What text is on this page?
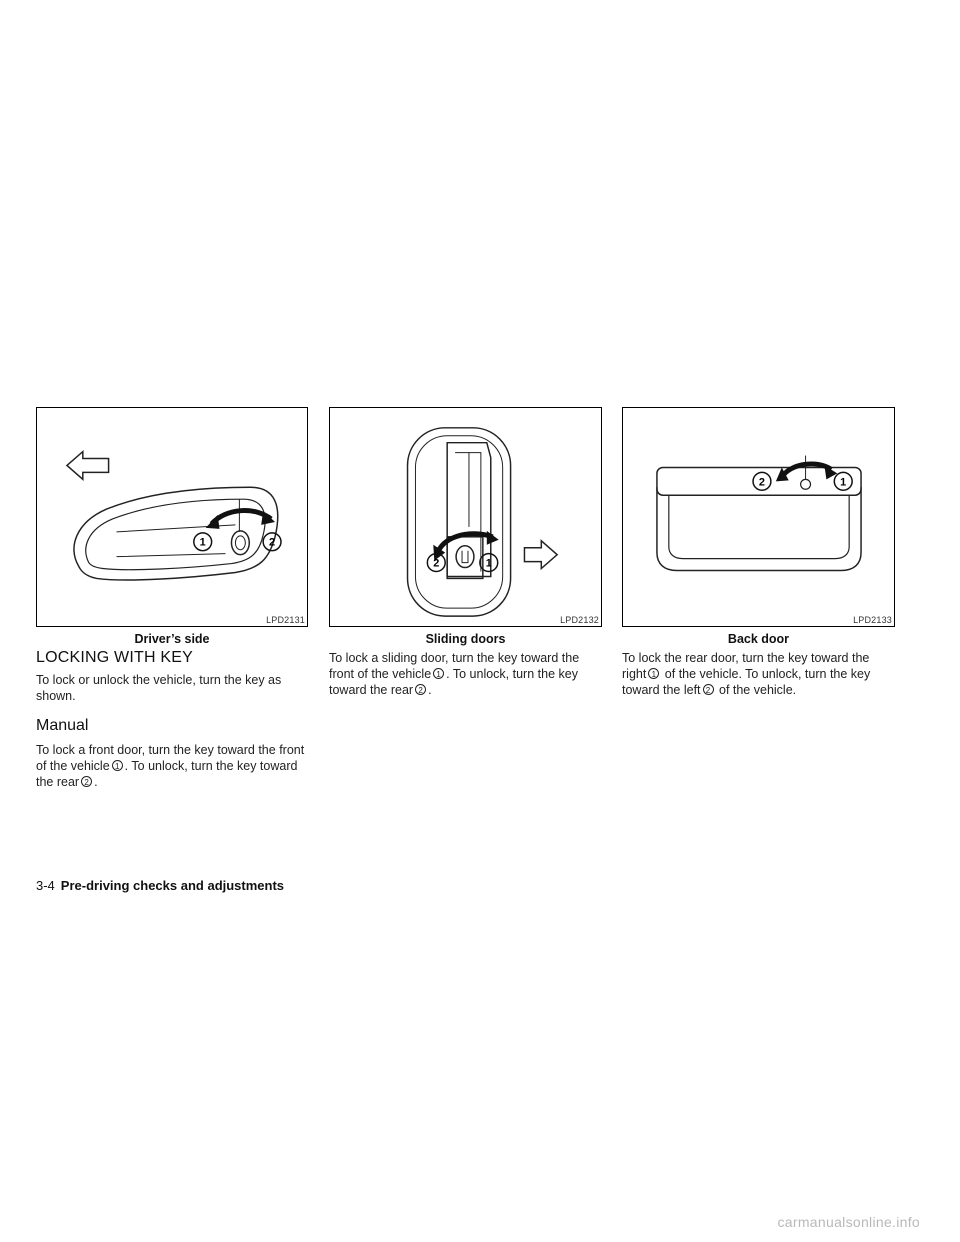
1	2
LPD2131
Driver’s side
2	1
LPD2132
Sliding doors
2	1
LPD2133
Back door
LOCKING WITH KEY

To lock or unlock the vehicle, turn the key as shown.

Manual

To lock a front door, turn the key toward the front of the vehicle 1 . To unlock, turn the key toward the rear 2 .

To lock a sliding door, turn the key toward the front of the vehicle 1 . To unlock, turn the key toward the rear 2 .

To lock the rear door, turn the key toward the right 1 of the vehicle. To unlock, turn the key toward the left 2 of the vehicle.

3-4 Pre-driving checks and adjustments
carmanualsonline.info
